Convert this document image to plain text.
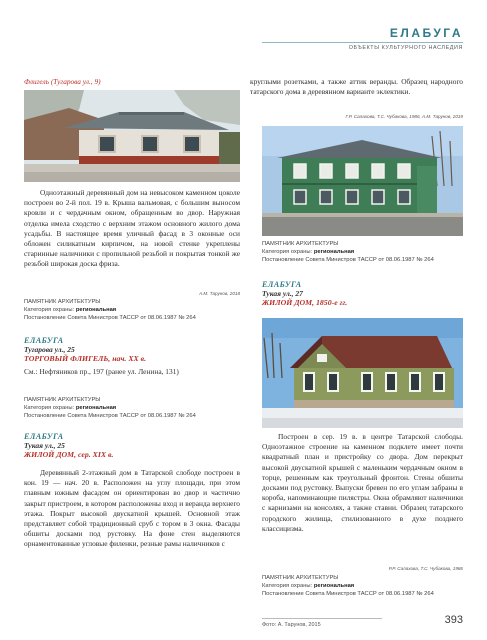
ЕЛАБУГА
ОБЪЕКТЫ КУЛЬТУРНОГО НАСЛЕДИЯ
Флигель (Тугарова ул., 9)
Одноэтажный деревянный дом на невысоком каменном цоколе построен во 2-й пол. 19 в. Крыша вальмовая, с большим выносом кровли и с чердачным окном, обращенным во двор. Наружная отделка имела сходство с верхним этажом основного жилого дома усадьбы. В настоящее время уличный фасад в 3 оконные оси обложен силикатным кирпичом, на новой стенке укреплены старинные наличники с пропильной резьбой и покрытая тонкой же резьбой широкая доска фриза.
А.М. Тарунов, 2018
ПАМЯТНИК АРХИТЕКТУРЫ
Категория охраны: региональная
Постановление Совета Министров ТАССР от 08.06.1987 № 264
ЕЛАБУГА
Тугарова ул., 25
ТОРГОВЫЙ ФЛИГЕЛЬ, нач. XX в.
См.: Нефтяников пр., 197 (ранее ул. Ленина, 131)
ПАМЯТНИК АРХИТЕКТУРЫ
Категория охраны: региональная
Постановление Совета Министров ТАССР от 08.06.1987 № 264
ЕЛАБУГА
Тукая ул., 25
ЖИЛОЙ ДОМ, сер. XIX в.
Деревянный 2-этажный дом в Татарской слободе построен в кон. 19 — нач. 20 в. Расположен на углу площади, при этом главным южным фасадом он ориентирован во двор и частично закрыт пристроем, в котором расположены вход и веранда верхнего этажа. Покрыт высокой двускатной крышей. Основной этаж представляет собой традиционный сруб с тором в 3 окна. Фасады обшиты досками под рустовку. На фоне стен выделяются орнаментованные угловые филенки, резные рамы наличников с
круглыми розетками, а также аттик веранды. Образец народного татарского дома в деревянном варианте эклектики.
Г.Р. Салахова, Т.С. Чубакова, 1986, А.М. Тарунов, 2019
ПАМЯТНИК АРХИТЕКТУРЫ
Категория охраны: региональная
Постановление Совета Министров ТАССР от 08.06.1987 № 264
ЕЛАБУГА
Тукая ул., 27
ЖИЛОЙ ДОМ, 1850-е гг.
Построен в сер. 19 в. в центре Татарской слободы. Одноэтажное строение на каменном подклете имеет почти квадратный план и пристройку со двора. Дом перекрыт высокой двускатной крышей с маленьким чердачным окном в торце, решенным как треугольный фронтон. Стены обшиты досками под рустовку. Выпуски бревен по его углам забраны в короба, напоминающие пилястры. Окна обрамляют наличники с карнизами на консолях, а также ставни. Образец татарского городского жилища, стилизованного в духе позднего классицизма.
Р.Р. Салахова, Т.С. Чубакова, 1986
ПАМЯТНИК АРХИТЕКТУРЫ
Категория охраны: региональная
Постановление Совета Министров ТАССР от 08.06.1987 № 264
Фото: А. Тарунов, 2015	393
